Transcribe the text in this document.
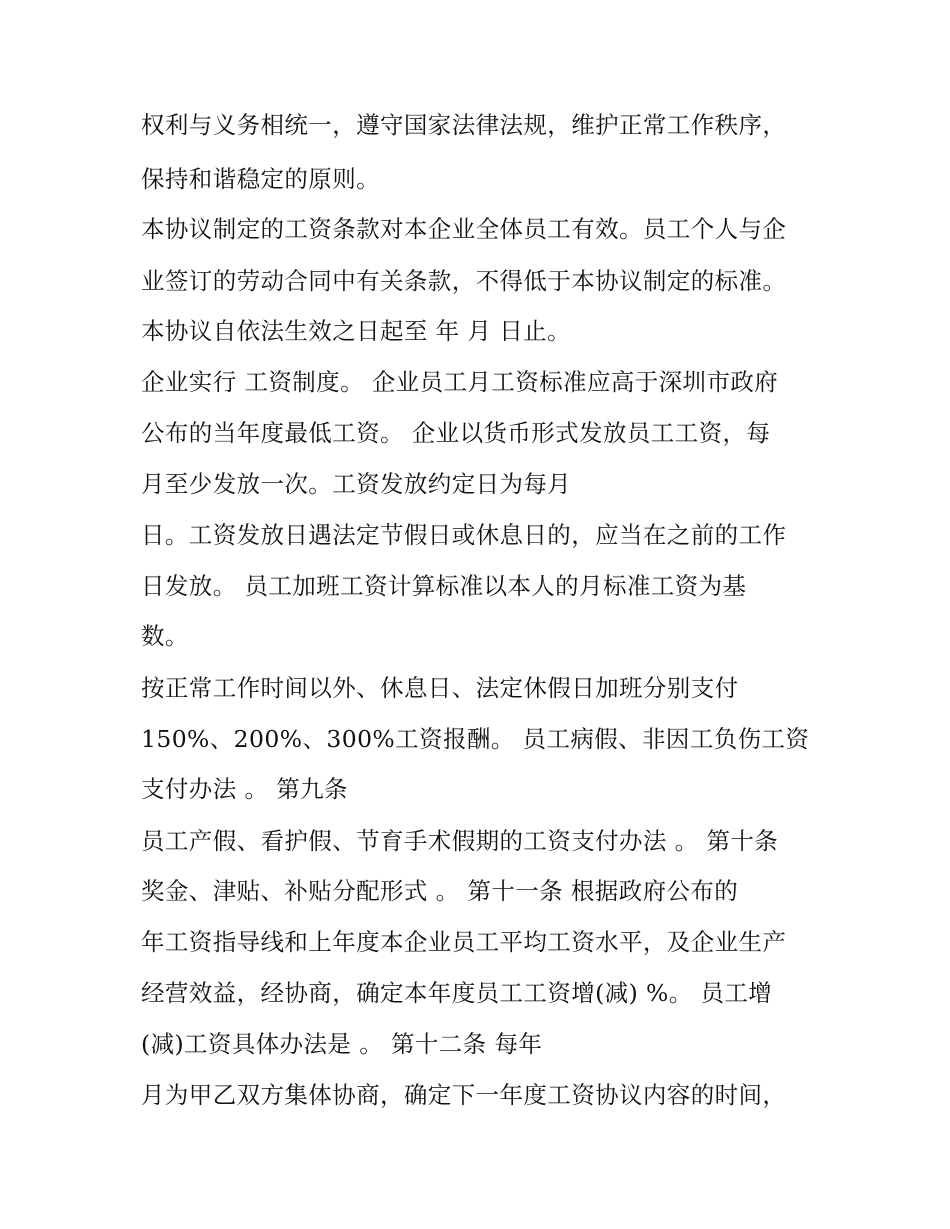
权利与义务相统一，遵守国家法律法规，维护正常工作秩序，
保持和谐稳定的原则。
本协议制定的工资条款对本企业全体员工有效。员工个人与企
业签订的劳动合同中有关条款，不得低于本协议制定的标准。
本协议自依法生效之日起至 年 月 日止。
企业实行 工资制度。 企业员工月工资标准应高于深圳市政府
公布的当年度最低工资。 企业以货币形式发放员工工资，每
月至少发放一次。工资发放约定日为每月
日。工资发放日遇法定节假日或休息日的，应当在之前的工作
日发放。 员工加班工资计算标准以本人的月标准工资为基
数。
按正常工作时间以外、休息日、法定休假日加班分别支付
150%、200%、300%工资报酬。 员工病假、非因工负伤工资
支付办法 。 第九条
员工产假、看护假、节育手术假期的工资支付办法 。 第十条
奖金、津贴、补贴分配形式 。 第十一条 根据政府公布的
年工资指导线和上年度本企业员工平均工资水平，及企业生产
经营效益，经协商，确定本年度员工工资增(减) %。 员工增
(减)工资具体办法是 。 第十二条 每年
月为甲乙双方集体协商，确定下一年度工资协议内容的时间，
